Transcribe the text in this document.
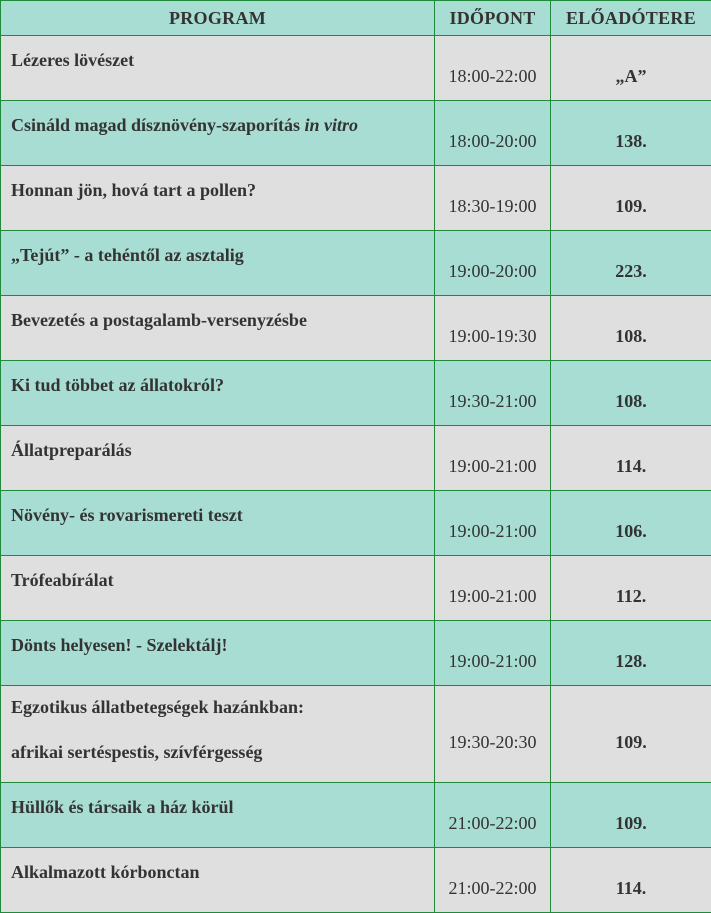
PROGRAM	IDŐPONT	ELŐADÓTERE
Lézeres lövészet	18:00-22:00	„A”
Csináld magad dísznövény-szaporítás in vitro	18:00-20:00	138.
Honnan jön, hová tart a pollen?	18:30-19:00	109.
„Tejút” - a tehéntől az asztalig	19:00-20:00	223.
Bevezetés a postagalamb-versenyzésbe	19:00-19:30	108.
Ki tud többet az állatokról?	19:30-21:00	108.
Állatpreparálás	19:00-21:00	114.
Növény- és rovarismereti teszt	19:00-21:00	106.
Trófeabírálat	19:00-21:00	112.
Dönts helyesen! - Szelektálj!	19:00-21:00	128.
Egzotikus állatbetegségek hazánkban:
afrikai sertéspestis, szívférgesség	19:30-20:30	109.
Hüllők és társaik a ház körül	21:00-22:00	109.
Alkalmazott kórbonctan	21:00-22:00	114.
